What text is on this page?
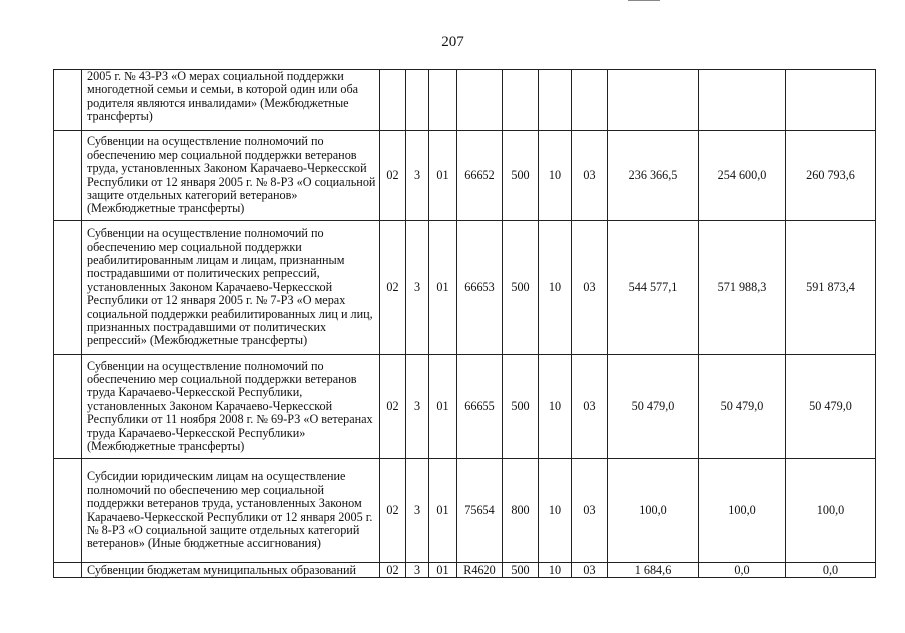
207
	2005 г. № 43-РЗ «О мерах социальной поддержки многодетной семьи и семьи, в которой один или оба родителя являются инвалидами» (Межбюджетные трансферты)										
	Субвенции на осуществление полномочий по обеспечению мер социальной поддержки ветеранов труда, установленных Законом Карачаево-Черкесской Республики от 12 января 2005 г. № 8-РЗ «О социальной защите отдельных категорий ветеранов» (Межбюджетные трансферты)	02	3	01	66652	500	10	03	236 366,5	254 600,0	260 793,6
	Субвенции на осуществление полномочий по обеспечению мер социальной поддержки реабилитированным лицам и лицам, признанным пострадавшими от политических репрессий, установленных Законом Карачаево-Черкесской Республики от 12 января 2005 г. № 7-РЗ «О мерах социальной поддержки реабилитированных лиц и лиц, признанных пострадавшими от политических репрессий» (Межбюджетные трансферты)	02	3	01	66653	500	10	03	544 577,1	571 988,3	591 873,4
	Субвенции на осуществление полномочий по обеспечению мер социальной поддержки ветеранов труда Карачаево-Черкесской Республики, установленных Законом Карачаево-Черкесской Республики от 11 ноября 2008 г. № 69-РЗ «О ветеранах труда Карачаево-Черкесской Республики» (Межбюджетные трансферты)	02	3	01	66655	500	10	03	50 479,0	50 479,0	50 479,0
	Субсидии юридическим лицам на осуществление полномочий по обеспечению мер социальной поддержки ветеранов труда, установленных Законом Карачаево-Черкесской Республики от 12 января 2005 г. № 8-РЗ «О социальной защите отдельных категорий ветеранов» (Иные бюджетные ассигнования)	02	3	01	75654	800	10	03	100,0	100,0	100,0
	Субвенции бюджетам муниципальных образований	02	3	01	R4620	500	10	03	1 684,6	0,0	0,0
